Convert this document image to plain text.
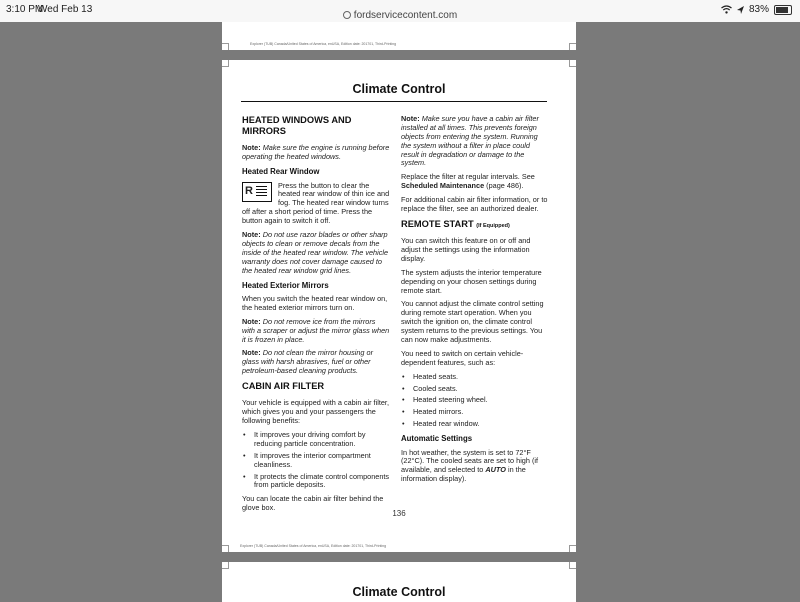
3:10 PM
Wed Feb 13
fordservicecontent.com
83%
Explorer (TUB) Canada/United States of America, enUSA, Edition date: 201701, Third-Printing
Climate Control
HEATED WINDOWS AND MIRRORS

Note: Make sure the engine is running before operating the heated windows.

Heated Rear Window

R	Press the button to clear the heated rear window of thin ice and fog. The heated rear window turns off after a short period of time. Press the button again to switch it off.

Note: Do not use razor blades or other sharp objects to clean or remove decals from the inside of the heated rear window. The vehicle warranty does not cover damage caused to the heated rear window grid lines.

Heated Exterior Mirrors

When you switch the heated rear window on, the heated exterior mirrors turn on.

Note: Do not remove ice from the mirrors with a scraper or adjust the mirror glass when it is frozen in place.

Note: Do not clean the mirror housing or glass with harsh abrasives, fuel or other petroleum-based cleaning products.

CABIN AIR FILTER

Your vehicle is equipped with a cabin air filter, which gives you and your passengers the following benefits:

• It improves your driving comfort by reducing particle concentration.
• It improves the interior compartment cleanliness.
• It protects the climate control components from particle deposits.

You can locate the cabin air filter behind the glove box.

Note: Make sure you have a cabin air filter installed at all times. This prevents foreign objects from entering the system. Running the system without a filter in place could result in degradation or damage to the system.

Replace the filter at regular intervals. See Scheduled Maintenance (page 486).

For additional cabin air filter information, or to replace the filter, see an authorized dealer.

REMOTE START (If Equipped)

You can switch this feature on or off and adjust the settings using the information display.

The system adjusts the interior temperature depending on your chosen settings during remote start.

You cannot adjust the climate control setting during remote start operation. When you switch the ignition on, the climate control system returns to the previous settings. You can now make adjustments.

You need to switch on certain vehicle-dependent features, such as:

• Heated seats.
• Cooled seats.
• Heated steering wheel.
• Heated mirrors.
• Heated rear window.
Automatic Settings

In hot weather, the system is set to 72°F (22°C). The cooled seats are set to high (if available, and selected to AUTO in the information display).

136
Explorer (TUB) Canada/United States of America, enUSA, Edition date: 201701, Third-Printing
Climate Control
